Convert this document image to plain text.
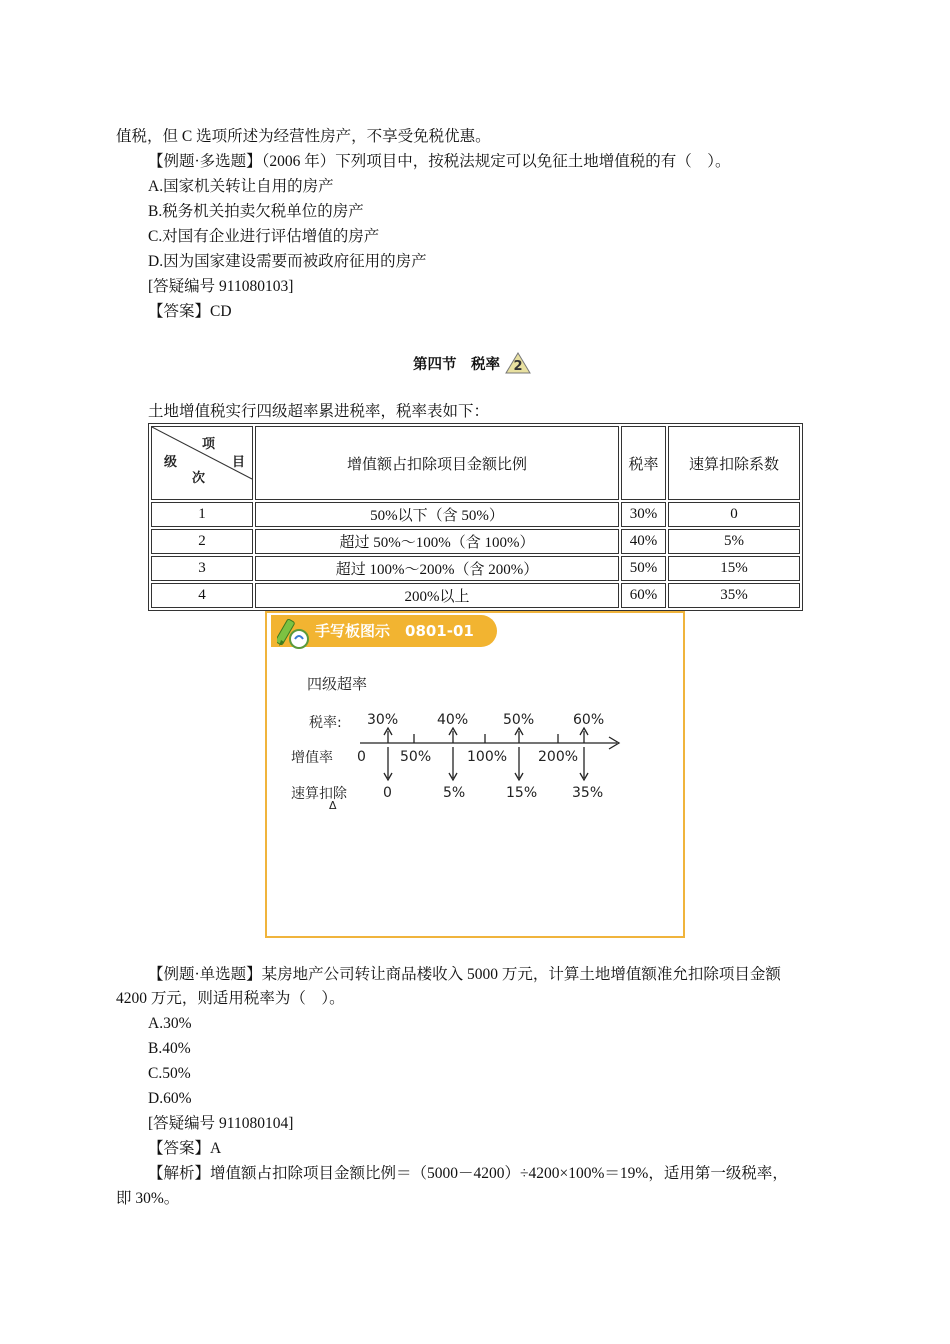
值税，但 C 选项所述为经营性房产，不享受免税优惠。
【例题·多选题】（2006 年）下列项目中，按税法规定可以免征土地增值税的有（　）。
A.国家机关转让自用的房产
B.税务机关拍卖欠税单位的房产
C.对国有企业进行评估增值的房产
D.因为国家建设需要而被政府征用的房产
[答疑编号 911080103]
【答案】CD
第四节　税率 2
土地增值税实行四级超率累进税率，税率表如下：
项
目
级
次	增值额占扣除项目金额比例	税率	速算扣除系数
1	50%以下（含 50%）	30%	0
2	超过 50%～100%（含 100%）	40%	5%
3	超过 100%～200%（含 200%）	50%	15%
4	200%以上	60%	35%
手写板图示　0801-01
四级超率
税率:
增值率
速算扣除
Δ
30%	40% 50%	60%
0 50%	100% 200%
0	5%	15% 35%
【例题·单选题】某房地产公司转让商品楼收入 5000 万元，计算土地增值额准允扣除项目金额
4200 万元，则适用税率为（　）。
A.30%
B.40%
C.50%
D.60%
[答疑编号 911080104]
【答案】A
【解析】增值额占扣除项目金额比例＝（5000－4200）÷4200×100%＝19%，适用第一级税率，
即 30%。
